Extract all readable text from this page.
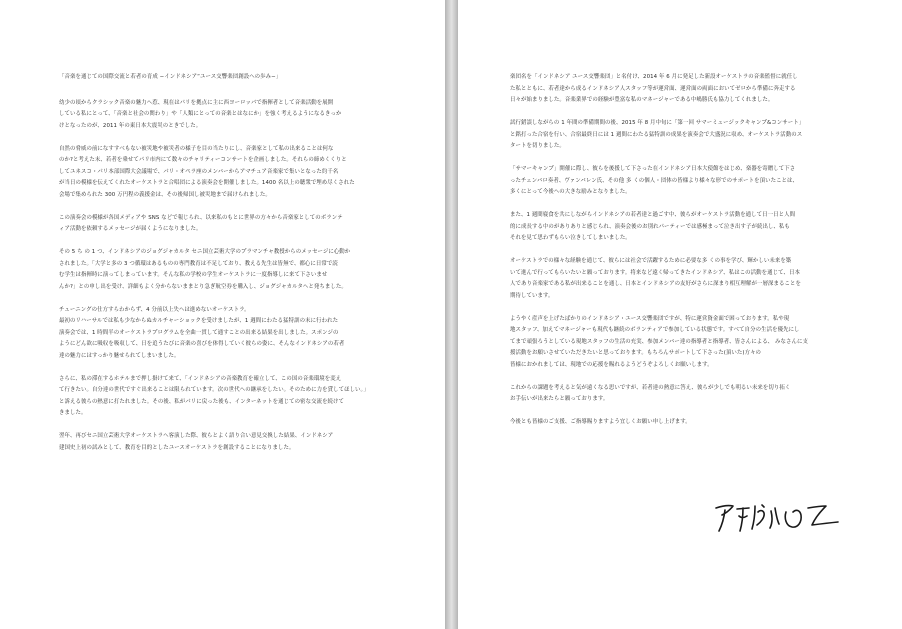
「音楽を通じての国際交流と若者の育成 −インドネシア“ユース交響楽団創設への歩み−」

幼少の頃からクラシック音楽の魅力へ惹、現在はパリを拠点に主に西ヨーロッパで指揮者として音楽活動を展開
している私にとって、「音楽と社会の関わり」や「人類にとっての音楽とはなにか」を強く考えるようになるきっか
けとなったのが、2011 年の東日本大震災のときでした。

自然の脅威の前になすすべもない被災地や被災者の様子を目の当たりにし、音楽家として私の出来ることは何な
のか?と考えた末、若者を乗せてパリ市内にて数々のチャリティーコンサートを企画しました。それらの締めくくりと
してユネスコ・パリ本部国際大会議場で、パリ・オペラ座のメンバーからアマチュア音楽家で集いとなった約千名
が当日の模様を伝えてくれたオーケストラと合唱団による演奏会を開催しました。1400 名以上の聴衆で埋め尽くされた
会場で集められた 300 万円程の義援金は、その後帰国し被災地まで届けられました。

この演奏会の模様が各国メディアや SNS などで報じられ、以来私のもとに世界の方々から音楽家としてのボランテ
ィア活動を依頼するメッセージが届くようになりました。

その 5 ち の 1 つ、インドネシアのジョグジャカルタ セニ国立芸術大学のプラマンチャ教授からのメッセージに心動か
されました。「大学と多の 3 つ循環はあるものの専門教育は不足しており、教える先生は皆無で、都心に日常で読
む学生は指揮時に演ってしまっています。そんな私の学校の学生オーケストラに一度指導しに来て下さいませ
んか?」との申し出を受け、詳細もよく分からないままとり急ぎ航空券を購入し、ジョグジャカルタへと発ちました。

チューニングの仕方すらわからず、4 分前以上失へは進めないオーケストラ。
最初のリハーサルでは私も少なからぬカルチャーショックを受けましたが、1 週間にわたる猛特訓の末に行われた
演奏会では、1 時間半のオーケストラプログラムを全曲一貫して通すことの出来る結果を出しました。スポンジの
ようにどん欲に吸収を吸収して、日を追うたびに音楽の喜びを体得していく彼らの姿に、そんなインドネシアの若者
達の魅力にはすっかり魅せられてしまいました。

さらに、私の滞在するホテルまで押し掛けて来て、「インドネシアの音楽教育を確立して、この国の音楽環境を変え
て行きたい。自分達の世代ですぐ出来ることは限られています。次の世代への継承をしたい。そのために力を貸してほしい。」
と訴える彼らの熱意に打たれました。その後、私がパリに戻った後も、インターネットを通じての密な交流を続けて
きました。

翌年、再びセニ国立芸術大学オーケストラへ客演した際、彼らとよく語り合い意見交換した結果、インドネシア
建国史上初の試みとして、教育を目的としたユースオーケストラを創設することになりました。

楽団名を「インドネシア ユース交響楽団」と名付け、2014 年 6 月に発足した新設オーケストラの音楽監督に就任し
た私とともに、若者達から成るインドネシア人スタッフ等が運営面、運営面の両面においてゼロから準備に奔走する
日々が始まりました。音楽業界での経験が豊富な私のマネージャーである中嶋勝氏も協力してくれました。

試行錯誤しながらの 1 年間の準備期間の後、2015 年 8 月中旬に「第一回 サマーミュージックキャンプ&コンサート」
と銘打った合宿を行い、合宿最終日には 1 週間にわたる猛特訓の成果を演奏会で大盛況に収め、オーケストラ活動のス
タートを切りました。

「サマーキャンプ」開催に際し、彼らを後援して下さった在インドネシア日本大使館をはじめ、楽器を寄贈して下さ
ったチェンバロ奏者、ヴァンバレン氏、その他 多 くの個人・団体の皆様より様々な形でのサポートを頂いたことは、
多くにとって今後への大きな励みとなりました。

また、1 週間寝食を共にしながらインドネシアの若者達と過ごす中、彼らがオーケストラ活動を通して日一日と人間
的に成長する中のがありありと感じられ、演奏会後のお別れパーティーでは感極まって泣き出す子が続出し、私も
それを見て思わずもらい泣きしてしまいました。

オーケストラでの様々な経験を通じて、彼らには社会で活躍するために必要な多 くの事を学び、輝かしい未来を築
いて進んで行ってもらいたいと願っております。将来など遠く帰ってきたインドネシア、私はこの活動を通じて、日本
人であり音楽家である私が出来ることを通し、日本とインドネシアの友好がさらに深まり相互理解が一層深まることを
期待しています。

ようやく産声を上げたばかりのインドネシア・ユース交響楽団ですが、特に運営資金面で困っております。私や現
地スタッフ、加えてマネージャーも現代も継続のボランティアで参加している状態です。すべて自分の生活を優先にし
てまで頑張ろうとしている現地スタッフの生活の充実、参加メンバー達の指導者と指導者、皆さんによる、 みなさんに支
援活動をお願いさせていただきたいと思っております。もちろんサポートして下さった(頂いた)方々の
皆様におかれましては、現地での応援を賜れるようどうぞよろしくお願いします。

これからの課題を考えると気が遠くなる思いですが、若者達の熱意に答え、彼らが少しでも明るい未来を切り拓く
お手伝いが出来たらと願っております。

今後とも皆様のご支援、ご指導賜りますよう宜しくお願い申し上げます。
